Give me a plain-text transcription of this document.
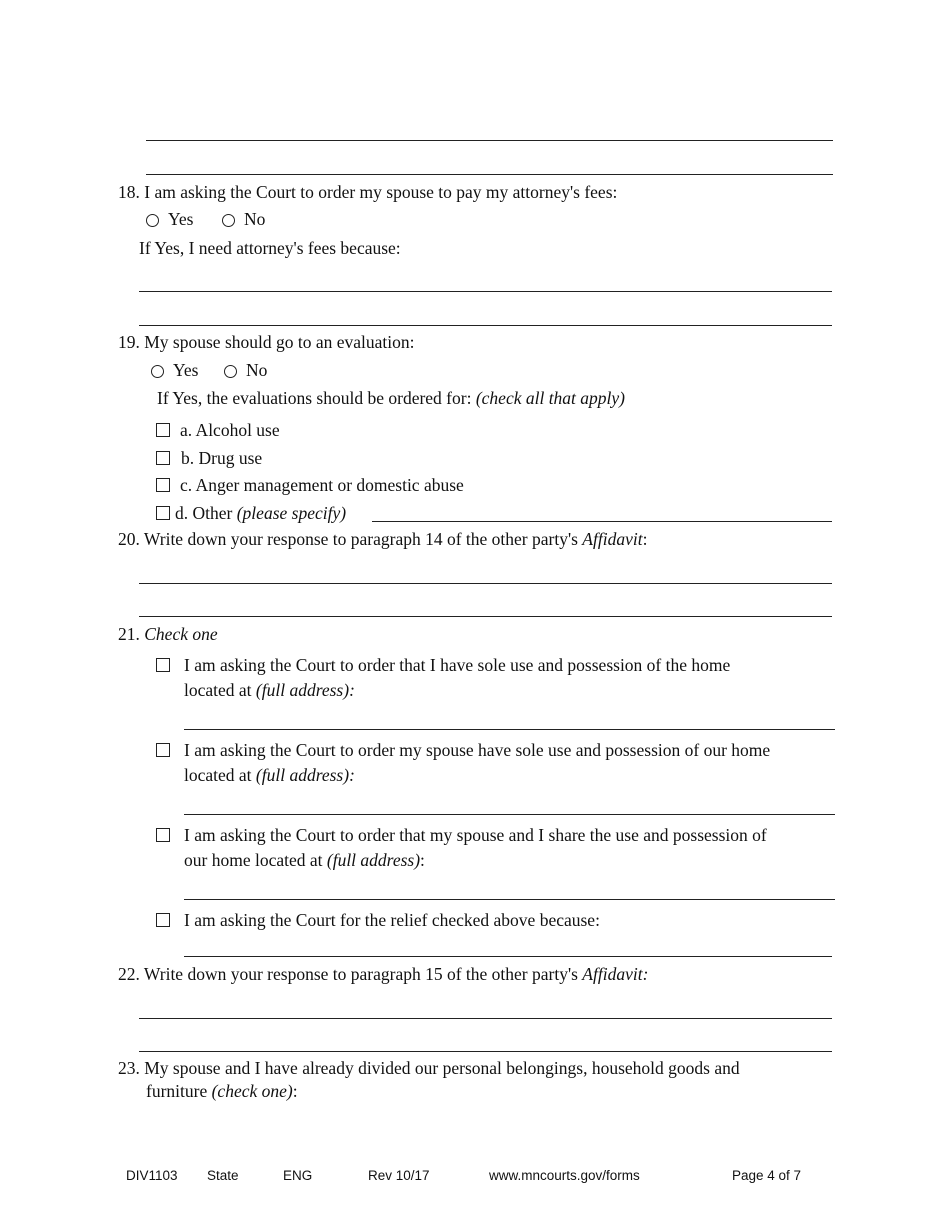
18. I am asking the Court to order my spouse to pay my attorney's fees:
Yes	No
If Yes, I need attorney's fees because:
19. My spouse should go to an evaluation:
Yes	No
If Yes, the evaluations should be ordered for: (check all that apply)
a. Alcohol use
b. Drug use
c. Anger management or domestic abuse
d. Other (please specify)
20. Write down your response to paragraph 14 of the other party's Affidavit:
21. Check one
I am asking the Court to order that I have sole use and possession of the home
located at (full address):
I am asking the Court to order my spouse have sole use and possession of our home
located at (full address):
I am asking the Court to order that my spouse and I share the use and possession of
our home located at (full address):
I am asking the Court for the relief checked above because:
22. Write down your response to paragraph 15 of the other party's Affidavit:
23. My spouse and I have already divided our personal belongings, household goods and
furniture (check one):
DIV1103 State	ENG	Rev 10/17	www.mncourts.gov/forms	Page 4 of 7
